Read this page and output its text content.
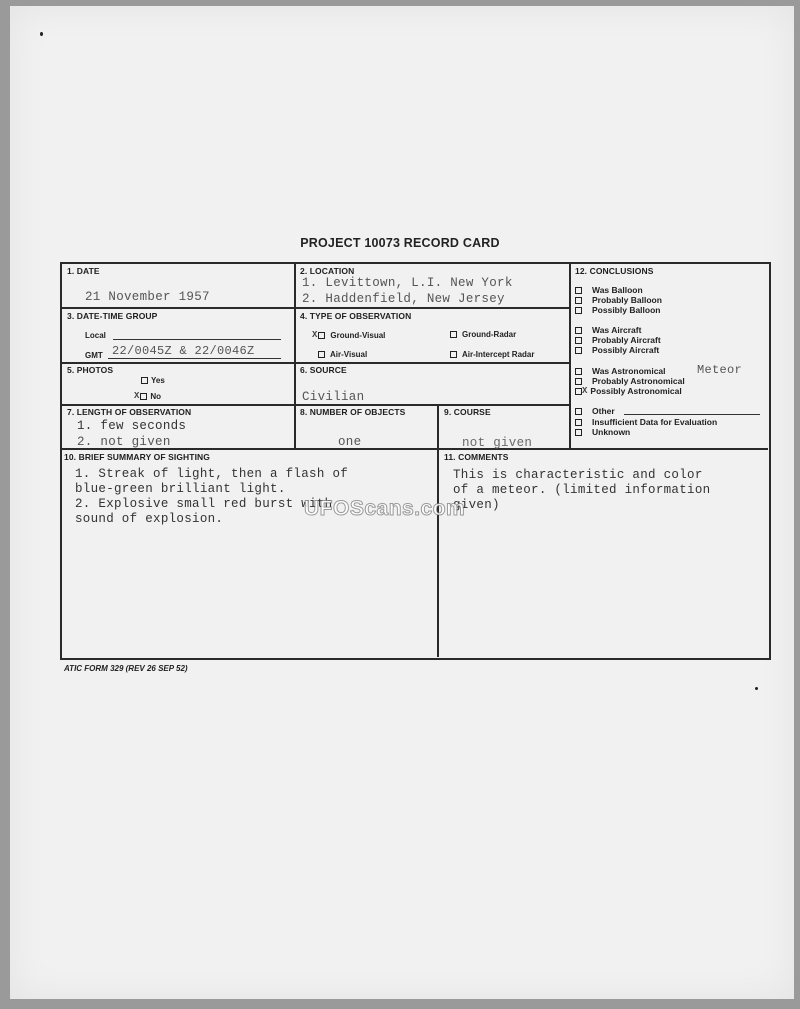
PROJECT 10073 RECORD CARD
1. DATE
21 November 1957
2. LOCATION
1. Levittown, L.I. New York
2. Haddenfield, New Jersey
3. DATE-TIME GROUP
Local
GMT 22/0045Z & 22/0046Z
4. TYPE OF OBSERVATION
X Ground-Visual	Ground-Radar
Air-Visual	Air-Intercept Radar
5. PHOTOS
Yes
X No
6. SOURCE
Civilian
7. LENGTH OF OBSERVATION
1. few seconds
2. not given
8. NUMBER OF OBJECTS
one
9. COURSE
not given
10. BRIEF SUMMARY OF SIGHTING
1. Streak of light, then a flash of
blue-green brilliant light.
2. Explosive small red burst with
sound of explosion.
11. COMMENTS
This is characteristic and color
of a meteor. (limited information
given)
12. CONCLUSIONS
Was Balloon
Probably Balloon
Possibly Balloon
Was Aircraft
Probably Aircraft
Possibly Aircraft
Was Astronomical	Meteor
Probably Astronomical
X Possibly Astronomical
Other
Insufficient Data for Evaluation
Unknown
UFOScans.com
ATIC FORM 329 (REV 26 SEP 52)
